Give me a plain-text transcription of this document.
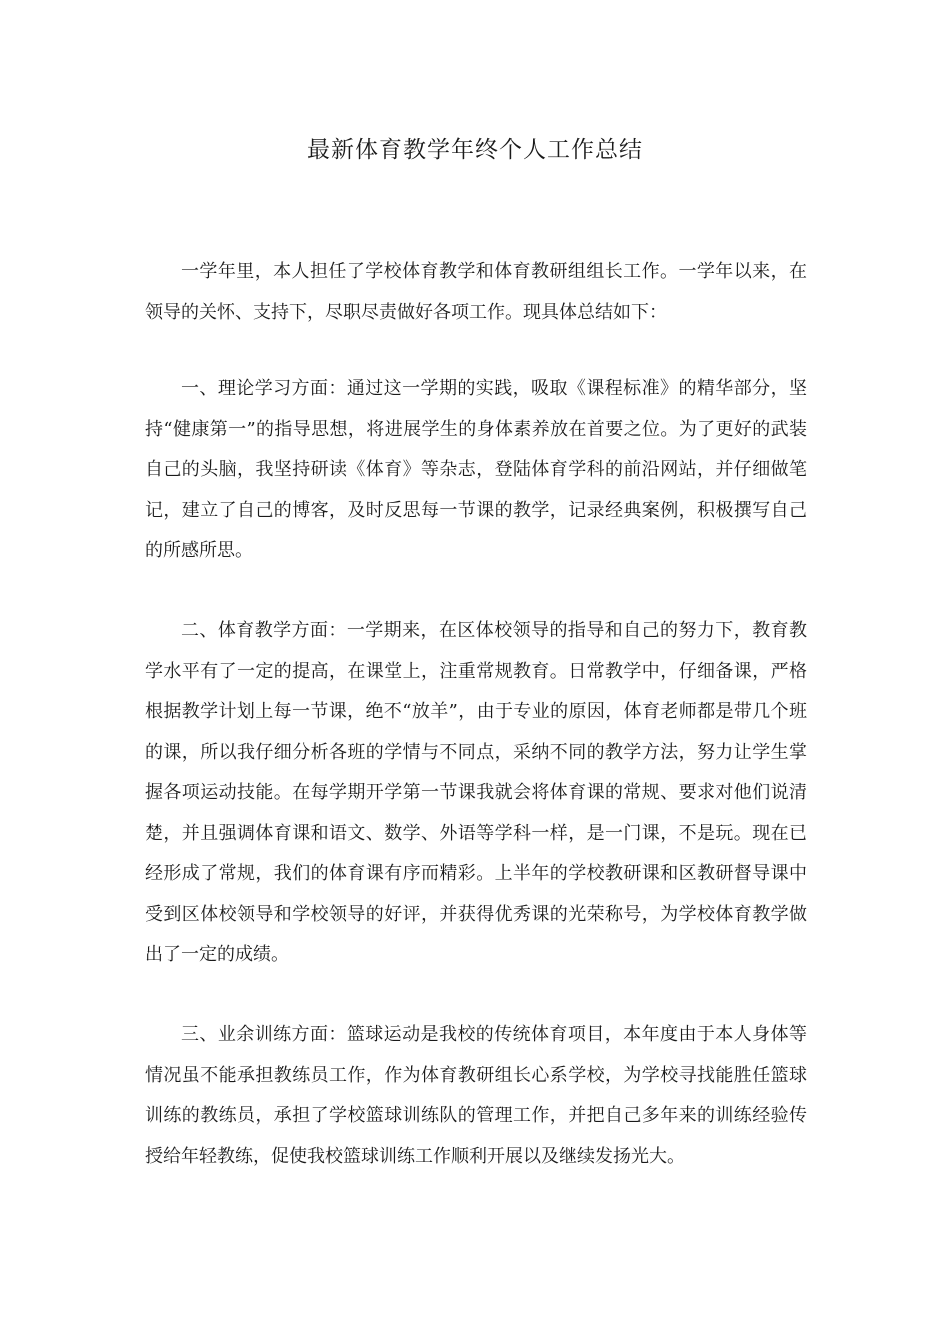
最新体育教学年终个人工作总结

一学年里，本人担任了学校体育教学和体育教研组组长工作。一学年以来，在领导的关怀、支持下，尽职尽责做好各项工作。现具体总结如下：

一、理论学习方面：通过这一学期的实践，吸取《课程标准》的精华部分，坚持“健康第一”的指导思想，将进展学生的身体素养放在首要之位。为了更好的武装自己的头脑，我坚持研读《体育》等杂志，登陆体育学科的前沿网站，并仔细做笔记，建立了自己的博客，及时反思每一节课的教学，记录经典案例，积极撰写自己的所感所思。

二、体育教学方面：一学期来，在区体校领导的指导和自己的努力下，教育教学水平有了一定的提高，在课堂上，注重常规教育。日常教学中，仔细备课，严格根据教学计划上每一节课，绝不“放羊”，由于专业的原因，体育老师都是带几个班的课，所以我仔细分析各班的学情与不同点，采纳不同的教学方法，努力让学生掌握各项运动技能。在每学期开学第一节课我就会将体育课的常规、要求对他们说清楚，并且强调体育课和语文、数学、外语等学科一样，是一门课，不是玩。现在已经形成了常规，我们的体育课有序而精彩。上半年的学校教研课和区教研督导课中受到区体校领导和学校领导的好评，并获得优秀课的光荣称号，为学校体育教学做出了一定的成绩。

三、业余训练方面：篮球运动是我校的传统体育项目，本年度由于本人身体等情况虽不能承担教练员工作，作为体育教研组长心系学校，为学校寻找能胜任篮球训练的教练员，承担了学校篮球训练队的管理工作，并把自己多年来的训练经验传授给年轻教练，促使我校篮球训练工作顺利开展以及继续发扬光大。
